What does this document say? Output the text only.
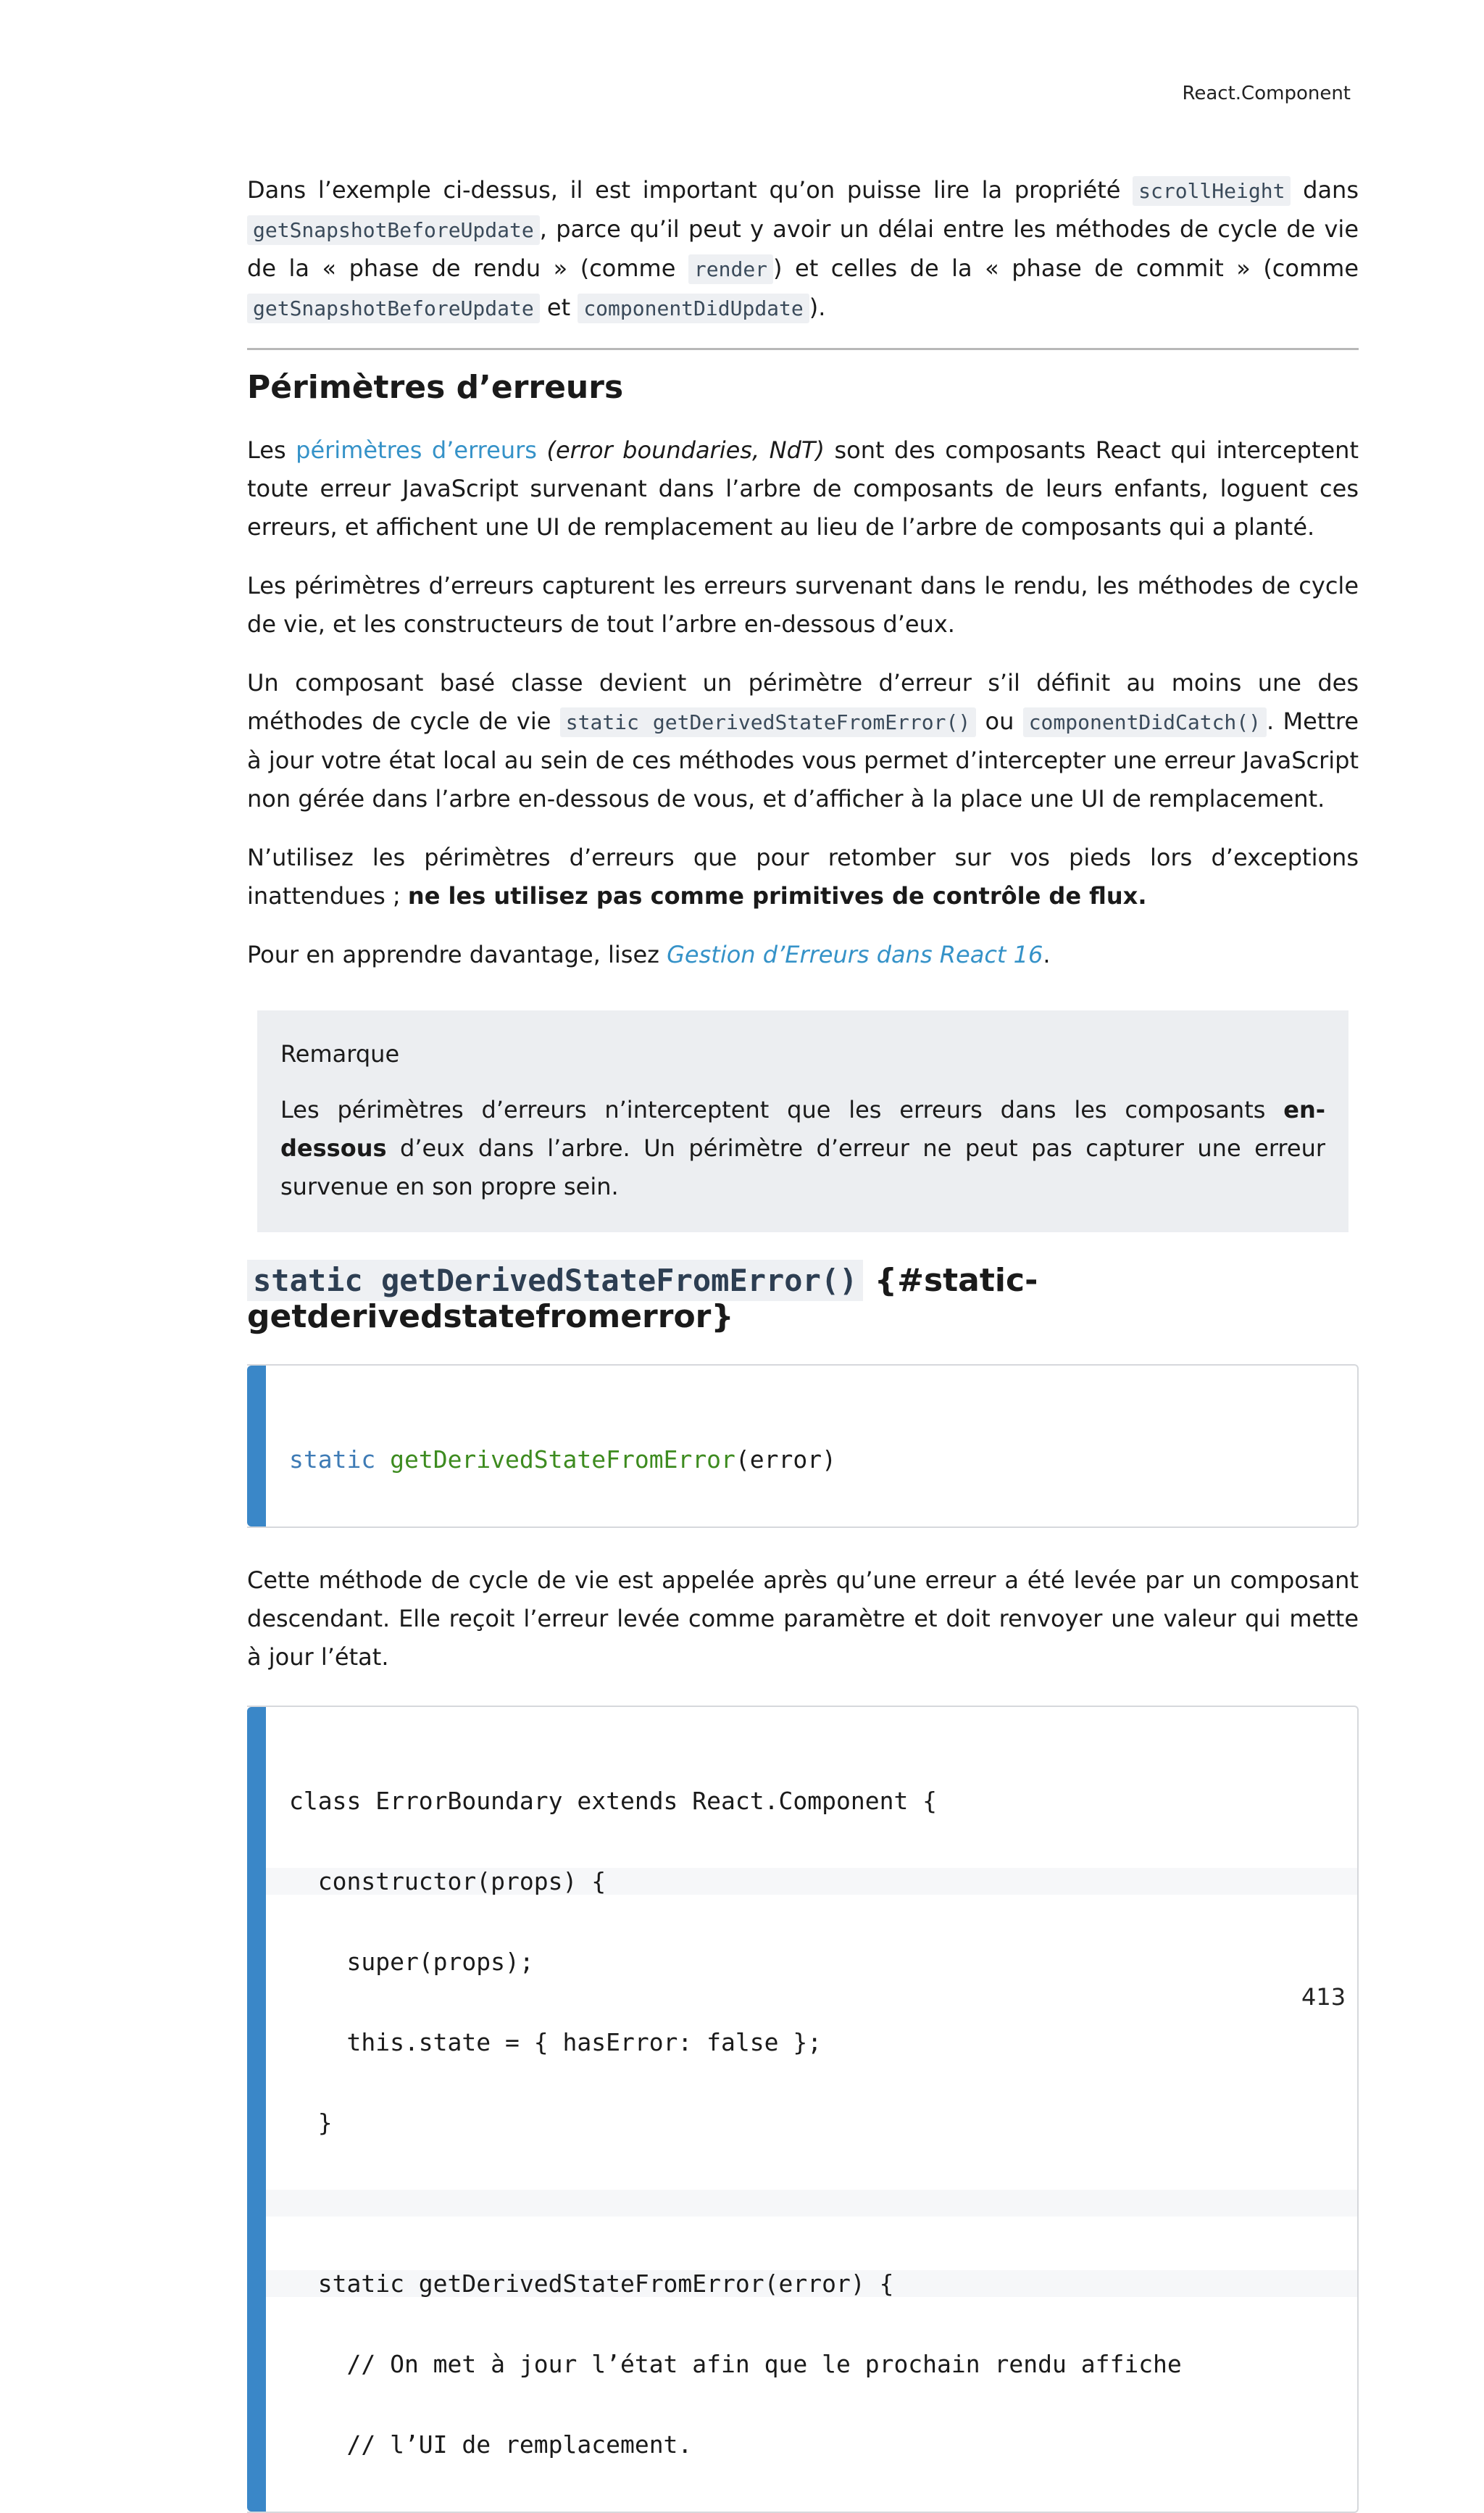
React.Component

Dans l’exemple ci-dessus, il est important qu’on puisse lire la propriété scrollHeight dans getSnapshotBeforeUpdate , parce qu’il peut y avoir un délai entre les méthodes de cycle de vie de la « phase de rendu » (comme render ) et celles de la « phase de commit » (comme getSnapshotBeforeUpdate et componentDidUpdate ).

Périmètres d’erreurs

Les périmètres d’erreurs (error boundaries, NdT) sont des composants React qui interceptent toute erreur JavaScript survenant dans l’arbre de composants de leurs enfants, loguent ces erreurs, et affichent une UI de remplacement au lieu de l’arbre de composants qui a planté.

Les périmètres d’erreurs capturent les erreurs survenant dans le rendu, les méthodes de cycle de vie, et les constructeurs de tout l’arbre en-dessous d’eux.

Un composant basé classe devient un périmètre d’erreur s’il définit au moins une des méthodes de cycle de vie static getDerivedStateFromError() ou componentDidCatch() . Mettre à jour votre état local au sein de ces méthodes vous permet d’intercepter une erreur JavaScript non gérée dans l’arbre en-dessous de vous, et d’afficher à la place une UI de remplacement.

N’utilisez les périmètres d’erreurs que pour retomber sur vos pieds lors d’exceptions inattendues ; ne les utilisez pas comme primitives de contrôle de flux.

Pour en apprendre davantage, lisez Gestion d’Erreurs dans React 16.

Remarque

Les périmètres d’erreurs n’interceptent que les erreurs dans les composants en-dessous d’eux dans l’arbre. Un périmètre d’erreur ne peut pas capturer une erreur survenue en son propre sein.

static getDerivedStateFromError() {#static-getderivedstatefromerror}

static getDerivedStateFromError(error)

Cette méthode de cycle de vie est appelée après qu’une erreur a été levée par un composant descendant. Elle reçoit l’erreur levée comme paramètre et doit renvoyer une valeur qui mette à jour l’état.

class ErrorBoundary extends React.Component {

constructor(props) {

super(props);

this.state = { hasError: false };

}

static getDerivedStateFromError(error) {

// On met à jour l’état afin que le prochain rendu affiche

// l’UI de remplacement.

413
